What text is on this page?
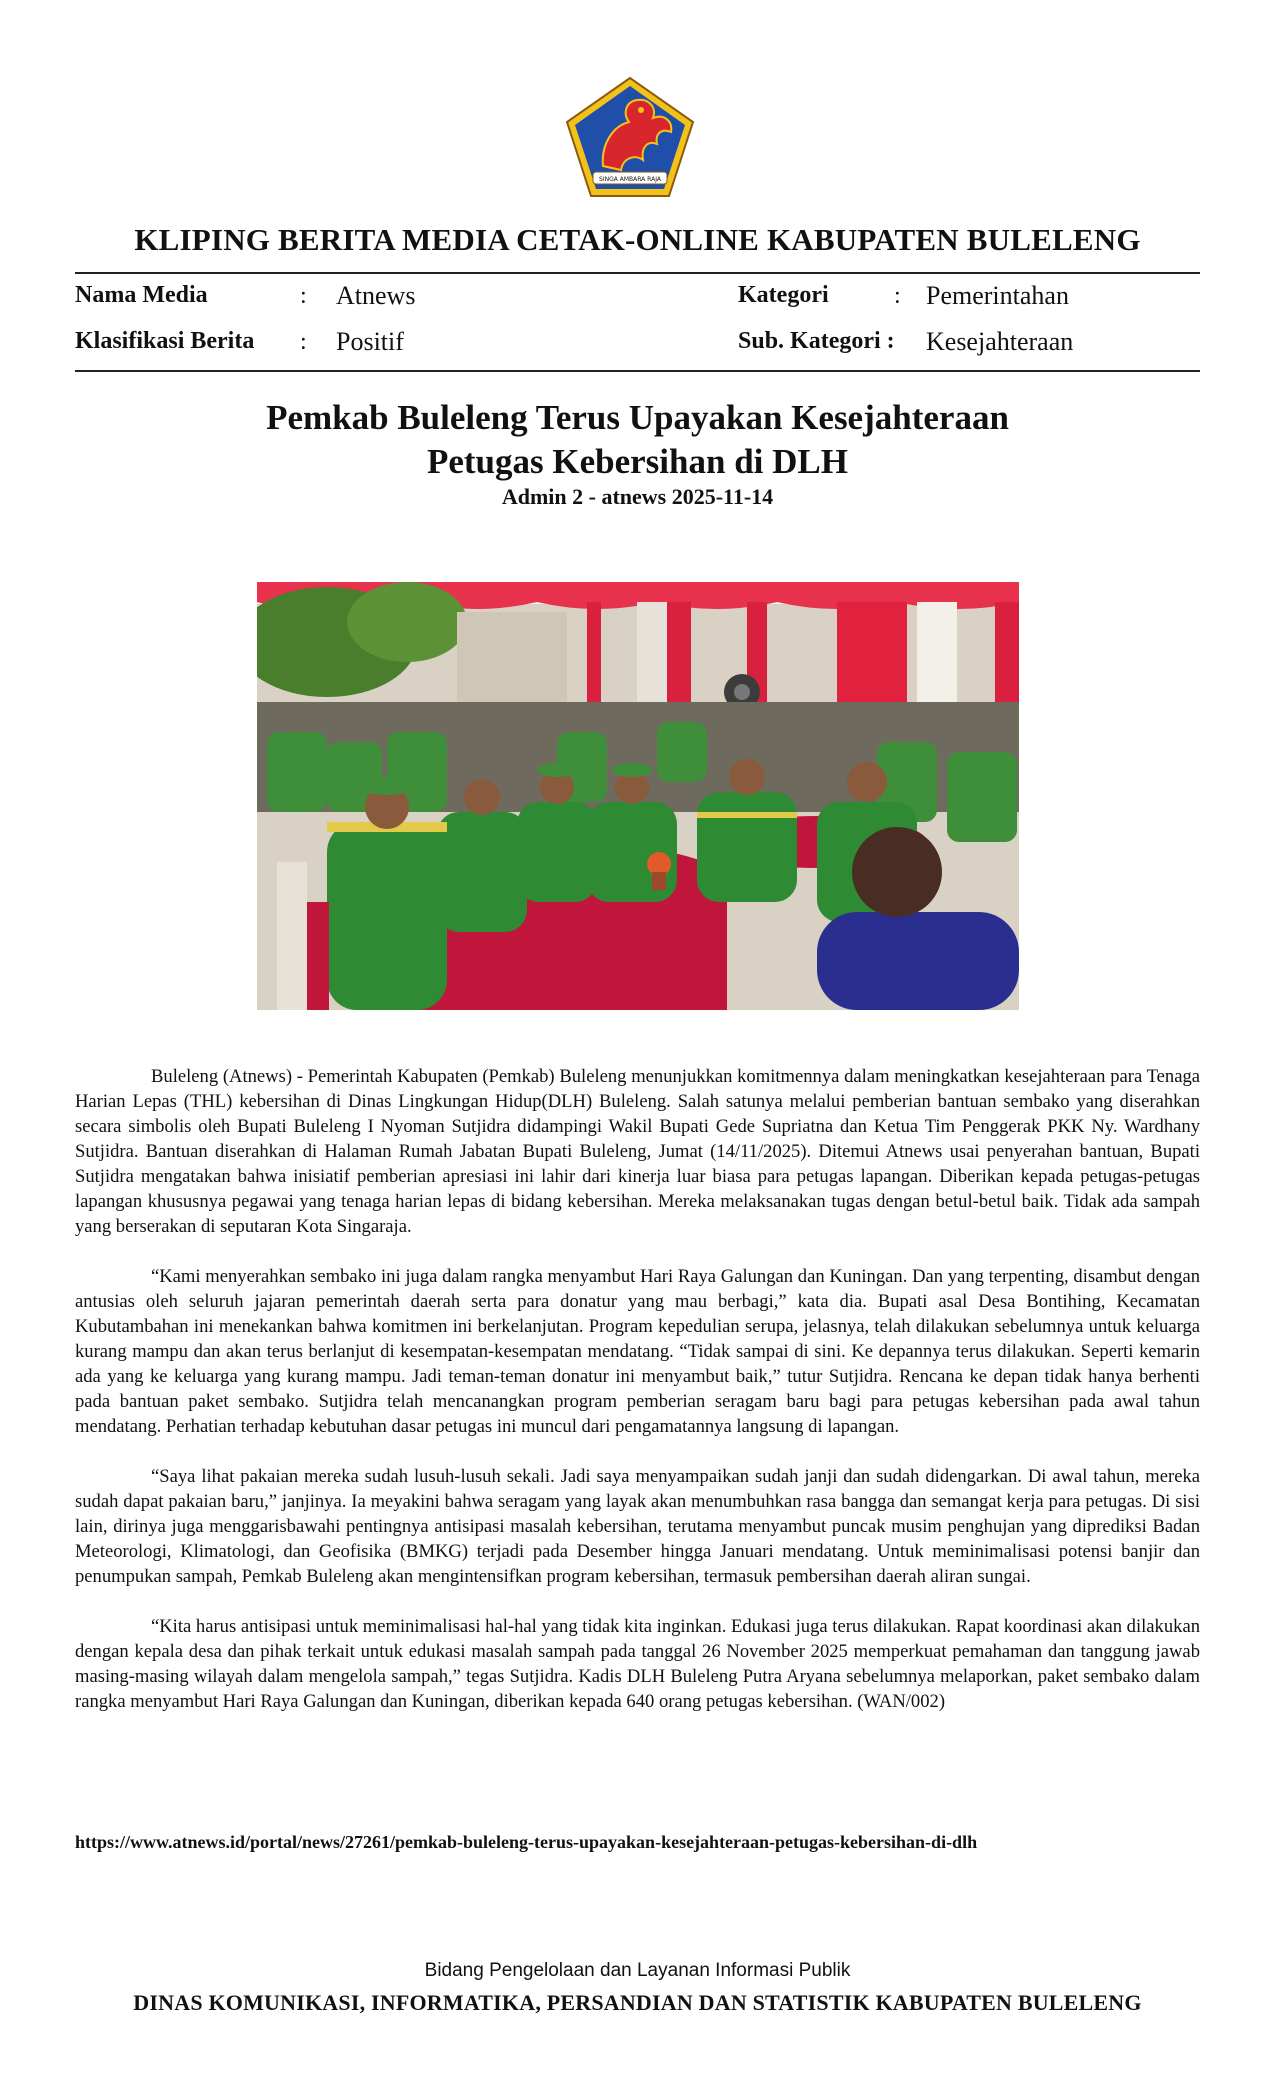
SINGA AMBARA RAJA
KLIPING BERITA MEDIA CETAK-ONLINE KABUPATEN BULELENG
Nama Media	: Atnews	Kategori	: Pemerintahan
Klasifikasi Berita : Positif	Sub. Kategori : Kesejahteraan
Pemkab Buleleng Terus Upayakan Kesejahteraan
Petugas Kebersihan di DLH
Admin 2 - atnews 2025-11-14

Buleleng (Atnews) - Pemerintah Kabupaten (Pemkab) Buleleng menunjukkan komitmennya dalam meningkatkan kesejahteraan para Tenaga Harian Lepas (THL) kebersihan di Dinas Lingkungan Hidup(DLH) Buleleng. Salah satunya melalui pemberian bantuan sembako yang diserahkan secara simbolis oleh Bupati Buleleng I Nyoman Sutjidra didampingi Wakil Bupati Gede Supriatna dan Ketua Tim Penggerak PKK Ny. Wardhany Sutjidra. Bantuan diserahkan di Halaman Rumah Jabatan Bupati Buleleng, Jumat (14/11/2025). Ditemui Atnews usai penyerahan bantuan, Bupati Sutjidra mengatakan bahwa inisiatif pemberian apresiasi ini lahir dari kinerja luar biasa para petugas lapangan. Diberikan kepada petugas-petugas lapangan khususnya pegawai yang tenaga harian lepas di bidang kebersihan. Mereka melaksanakan tugas dengan betul-betul baik. Tidak ada sampah yang berserakan di seputaran Kota Singaraja.

“Kami menyerahkan sembako ini juga dalam rangka menyambut Hari Raya Galungan dan Kuningan. Dan yang terpenting, disambut dengan antusias oleh seluruh jajaran pemerintah daerah serta para donatur yang mau berbagi,” kata dia. Bupati asal Desa Bontihing, Kecamatan Kubutambahan ini menekankan bahwa komitmen ini berkelanjutan. Program kepedulian serupa, jelasnya, telah dilakukan sebelumnya untuk keluarga kurang mampu dan akan terus berlanjut di kesempatan-kesempatan mendatang. “Tidak sampai di sini. Ke depannya terus dilakukan. Seperti kemarin ada yang ke keluarga yang kurang mampu. Jadi teman-teman donatur ini menyambut baik,” tutur Sutjidra. Rencana ke depan tidak hanya berhenti pada bantuan paket sembako. Sutjidra telah mencanangkan program pemberian seragam baru bagi para petugas kebersihan pada awal tahun mendatang. Perhatian terhadap kebutuhan dasar petugas ini muncul dari pengamatannya langsung di lapangan.

“Saya lihat pakaian mereka sudah lusuh-lusuh sekali. Jadi saya menyampaikan sudah janji dan sudah didengarkan. Di awal tahun, mereka sudah dapat pakaian baru,” janjinya. Ia meyakini bahwa seragam yang layak akan menumbuhkan rasa bangga dan semangat kerja para petugas. Di sisi lain, dirinya juga menggarisbawahi pentingnya antisipasi masalah kebersihan, terutama menyambut puncak musim penghujan yang diprediksi Badan Meteorologi, Klimatologi, dan Geofisika (BMKG) terjadi pada Desember hingga Januari mendatang. Untuk meminimalisasi potensi banjir dan penumpukan sampah, Pemkab Buleleng akan mengintensifkan program kebersihan, termasuk pembersihan daerah aliran sungai.

“Kita harus antisipasi untuk meminimalisasi hal-hal yang tidak kita inginkan. Edukasi juga terus dilakukan. Rapat koordinasi akan dilakukan dengan kepala desa dan pihak terkait untuk edukasi masalah sampah pada tanggal 26 November 2025 memperkuat pemahaman dan tanggung jawab masing-masing wilayah dalam mengelola sampah,” tegas Sutjidra. Kadis DLH Buleleng Putra Aryana sebelumnya melaporkan, paket sembako dalam rangka menyambut Hari Raya Galungan dan Kuningan, diberikan kepada 640 orang petugas kebersihan. (WAN/002)

https://www.atnews.id/portal/news/27261/pemkab-buleleng-terus-upayakan-kesejahteraan-petugas-kebersihan-di-dlh
Bidang Pengelolaan dan Layanan Informasi Publik
DINAS KOMUNIKASI, INFORMATIKA, PERSANDIAN DAN STATISTIK KABUPATEN BULELENG
